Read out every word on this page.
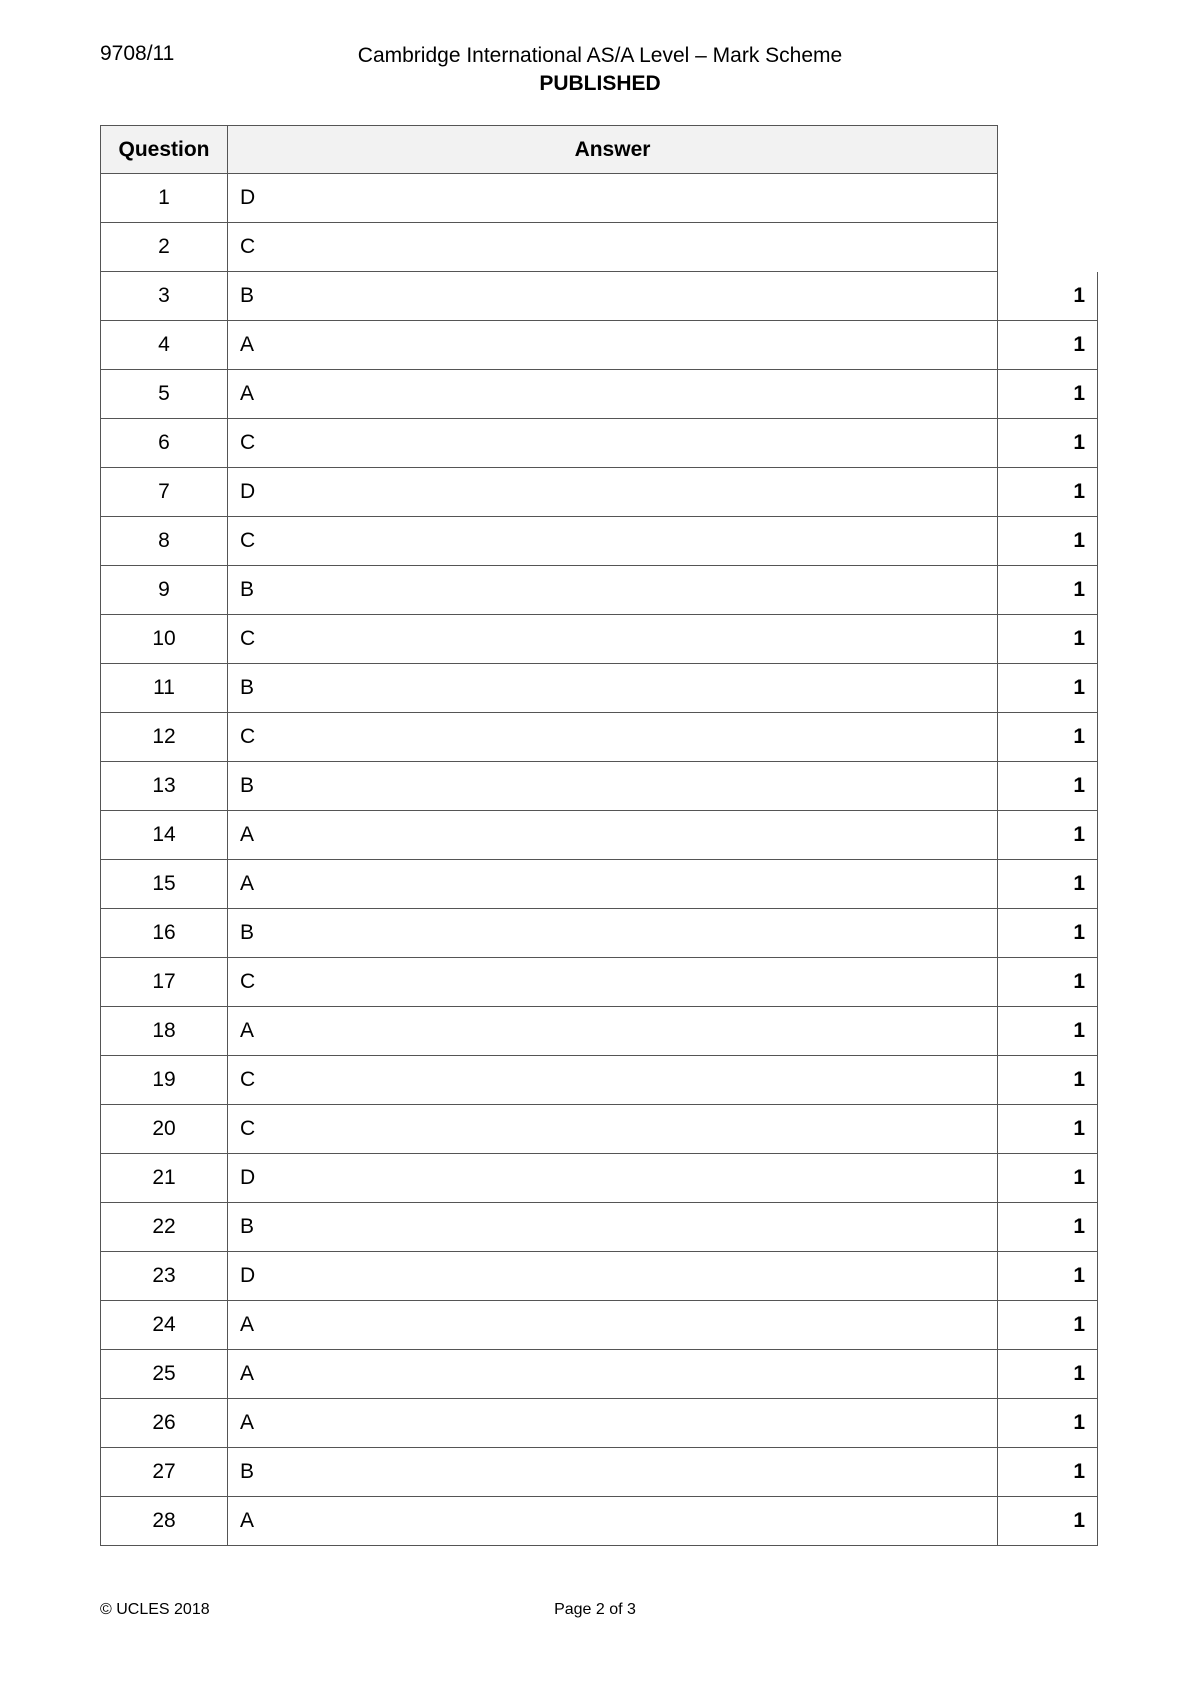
9708/11	Cambridge International AS/A Level – Mark Scheme
PUBLISHED
Question	Answer
1	D
2	C
3	B	1
4	A	1
5	A	1
6	C	1
7	D	1
8	C	1
9	B	1
10	C	1
11	B	1
12	C	1
13	B	1
14	A	1
15	A	1
16	B	1
17	C	1
18	A	1
19	C	1
20	C	1
21	D	1
22	B	1
23	D	1
24	A	1
25	A	1
26	A	1
27	B	1
28	A	1
© UCLES 2018	Page 2 of 3
